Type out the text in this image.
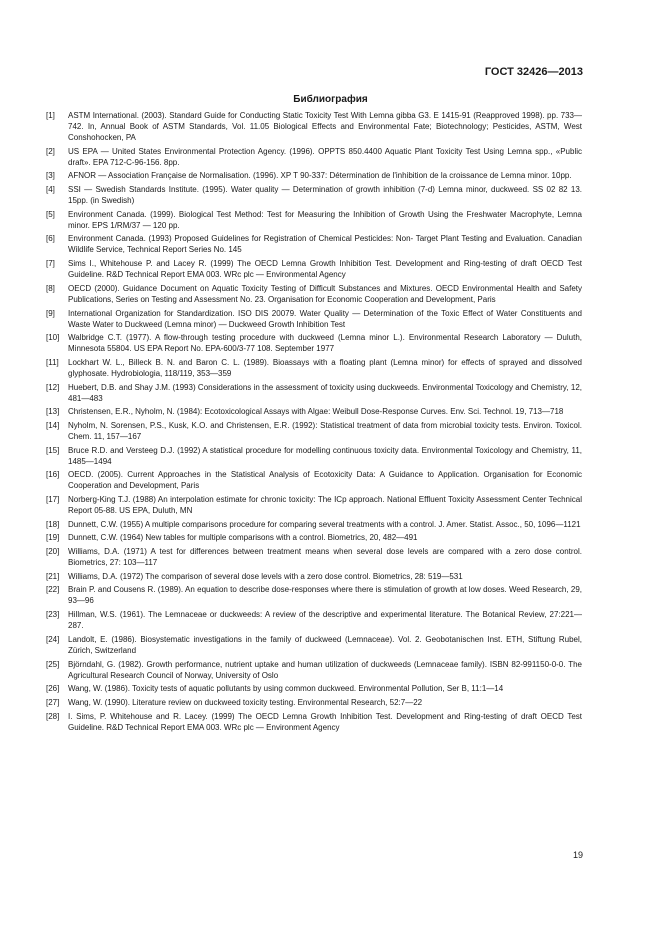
ГОСТ 32426—2013
Библиография
[1]	ASTM International. (2003). Standard Guide for Conducting Static Toxicity Test With Lemna gibba G3. E 1415-91 (Reapproved 1998). pp. 733—742. In, Annual Book of ASTM Standards, Vol. 11.05 Biological Effects and Environmental Fate; Biotechnology; Pesticides, ASTM, West Conshohocken, PA
[2]	US EPA — United States Environmental Protection Agency. (1996). OPPTS 850.4400 Aquatic Plant Toxicity Test Using Lemna spp., «Public draft». EPA 712-C-96-156. 8pp.
[3]	AFNOR — Association Française de Normalisation. (1996). XP T 90-337: Détermination de l'inhibition de la croissance de Lemna minor. 10pp.
[4]	SSI — Swedish Standards Institute. (1995). Water quality — Determination of growth inhibition (7-d) Lemna minor, duckweed. SS 02 82 13. 15pp. (in Swedish)
[5]	Environment Canada. (1999). Biological Test Method: Test for Measuring the Inhibition of Growth Using the Freshwater Macrophyte, Lemna minor. EPS 1/RM/37 — 120 pp.
[6]	Environment Canada. (1993) Proposed Guidelines for Registration of Chemical Pesticides: Non- Target Plant Testing and Evaluation. Canadian Wildlife Service, Technical Report Series No. 145
[7]	Sims I., Whitehouse P. and Lacey R. (1999) The OECD Lemna Growth Inhibition Test. Development and Ring-testing of draft OECD Test Guideline. R&D Technical Report EMA 003. WRc plc — Environmental Agency
[8]	OECD (2000). Guidance Document on Aquatic Toxicity Testing of Difficult Substances and Mixtures. OECD Environmental Health and Safety Publications, Series on Testing and Assessment No. 23. Organisation for Economic Cooperation and Development, Paris
[9]	International Organization for Standardization. ISO DIS 20079. Water Quality — Determination of the Toxic Effect of Water Constituents and Waste Water to Duckweed (Lemna minor) — Duckweed Growth Inhibition Test
[10]	Walbridge C.T. (1977). A flow-through testing procedure with duckweed (Lemna minor L.). Environmental Research Laboratory — Duluth, Minnesota 55804. US EPA Report No. EPA-600/3-77 108. September 1977
[11]	Lockhart W. L., Billeck B. N. and Baron C. L. (1989). Bioassays with a floating plant (Lemna minor) for effects of sprayed and dissolved glyphosate. Hydrobiologia, 118/119, 353—359
[12]	Huebert, D.B. and Shay J.M. (1993) Considerations in the assessment of toxicity using duckweeds. Environmental Toxicology and Chemistry, 12, 481—483
[13]	Christensen, E.R., Nyholm, N. (1984): Ecotoxicological Assays with Algae: Weibull Dose-Response Curves. Env. Sci. Technol. 19, 713—718
[14]	Nyholm, N. Sorensen, P.S., Kusk, K.O. and Christensen, E.R. (1992): Statistical treatment of data from microbial toxicity tests. Environ. Toxicol. Chem. 11, 157—167
[15]	Bruce R.D. and Versteeg D.J. (1992) A statistical procedure for modelling continuous toxicity data. Environmental Toxicology and Chemistry, 11, 1485—1494
[16]	OECD. (2005). Current Approaches in the Statistical Analysis of Ecotoxicity Data: A Guidance to Application. Organisation for Economic Cooperation and Development, Paris
[17]	Norberg-King T.J. (1988) An interpolation estimate for chronic toxicity: The ICp approach. National Effluent Toxicity Assessment Center Technical Report 05-88. US EPA, Duluth, MN
[18]	Dunnett, C.W. (1955) A multiple comparisons procedure for comparing several treatments with a control. J. Amer. Statist. Assoc., 50, 1096—1121
[19]	Dunnett, C.W. (1964) New tables for multiple comparisons with a control. Biometrics, 20, 482—491
[20]	Williams, D.A. (1971) A test for differences between treatment means when several dose levels are compared with a zero dose control. Biometrics, 27: 103—117
[21]	Williams, D.A. (1972) The comparison of several dose levels with a zero dose control. Biometrics, 28: 519—531
[22]	Brain P. and Cousens R. (1989). An equation to describe dose-responses where there is stimulation of growth at low doses. Weed Research, 29, 93—96
[23]	Hillman, W.S. (1961). The Lemnaceae or duckweeds: A review of the descriptive and experimental literature. The Botanical Review, 27:221—287.
[24]	Landolt, E. (1986). Biosystematic investigations in the family of duckweed (Lemnaceae). Vol. 2. Geobotanischen Inst. ETH, Stiftung Rubel, Zürich, Switzerland
[25]	Björndahl, G. (1982). Growth performance, nutrient uptake and human utilization of duckweeds (Lemnaceae family). ISBN 82-991150-0-0. The Agricultural Research Council of Norway, University of Oslo
[26]	Wang, W. (1986). Toxicity tests of aquatic pollutants by using common duckweed. Environmental Pollution, Ser B, 11:1—14
[27]	Wang, W. (1990). Literature review on duckweed toxicity testing. Environmental Research, 52:7—22
[28]	I. Sims, P. Whitehouse and R. Lacey. (1999) The OECD Lemna Growth Inhibition Test. Development and Ring-testing of draft OECD Test Guideline. R&D Technical Report EMA 003. WRc plc — Environment Agency
19
